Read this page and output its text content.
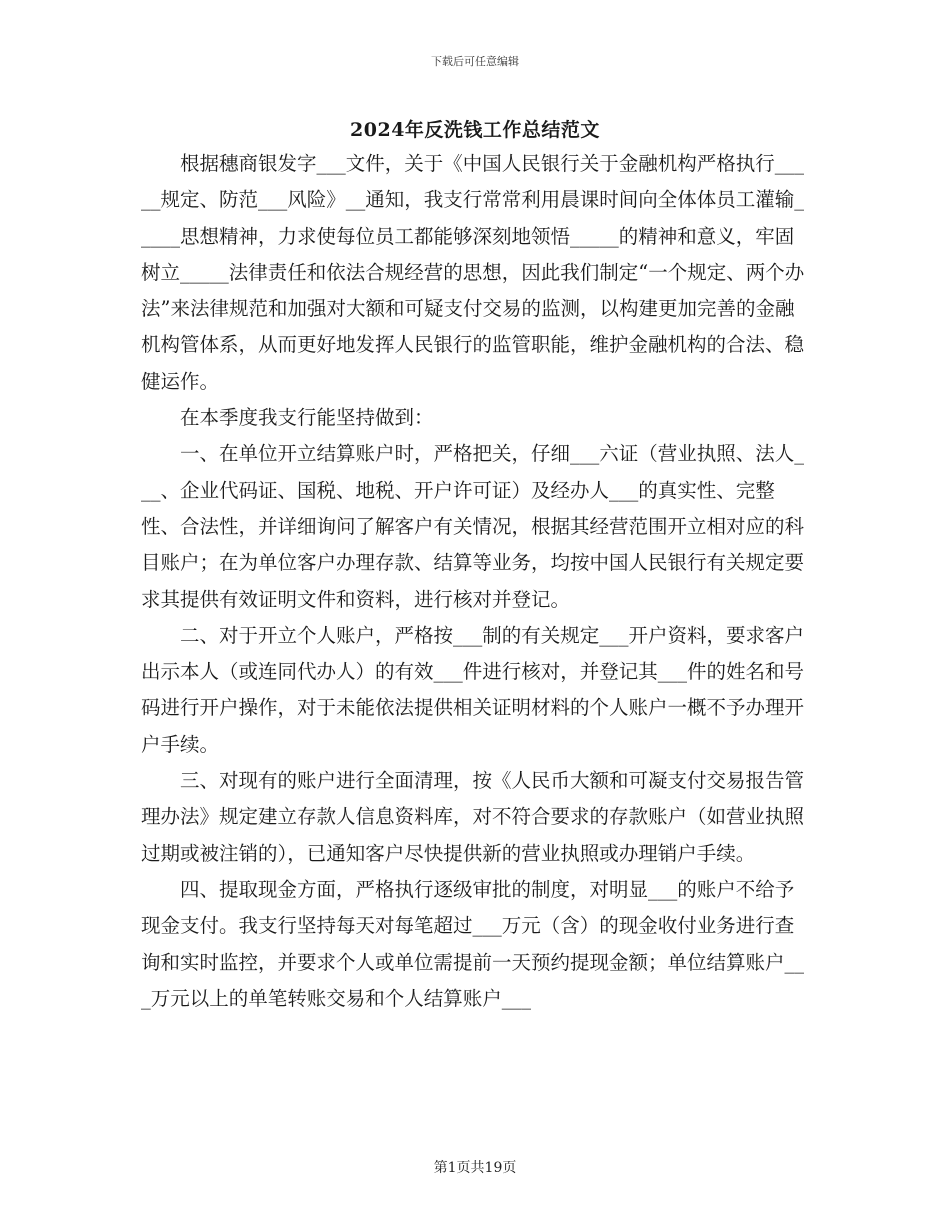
下载后可任意编辑
2024年反洗钱工作总结范文

根据穗商银发字___文件，关于《中国人民银行关于金融机构严格执行_____规定、防范___风险》__通知，我支行常常利用晨课时间向全体体员工灌输_____思想精神，力求使每位员工都能够深刻地领悟_____的精神和意义，牢固树立_____法律责任和依法合规经营的思想，因此我们制定“一个规定、两个办法”来法律规范和加强对大额和可疑支付交易的监测，以构建更加完善的金融机构管体系，从而更好地发挥人民银行的监管职能，维护金融机构的合法、稳健运作。

在本季度我支行能坚持做到：

一、在单位开立结算账户时，严格把关，仔细___六证（营业执照、法人___、企业代码证、国税、地税、开户许可证）及经办人___的真实性、完整性、合法性，并详细询问了解客户有关情况，根据其经营范围开立相对应的科目账户；在为单位客户办理存款、结算等业务，均按中国人民银行有关规定要求其提供有效证明文件和资料，进行核对并登记。

二、对于开立个人账户，严格按___制的有关规定___开户资料，要求客户出示本人（或连同代办人）的有效___件进行核对，并登记其___件的姓名和号码进行开户操作，对于未能依法提供相关证明材料的个人账户一概不予办理开户手续。

三、对现有的账户进行全面清理，按《人民币大额和可凝支付交易报告管理办法》规定建立存款人信息资料库，对不符合要求的存款账户（如营业执照过期或被注销的），已通知客户尽快提供新的营业执照或办理销户手续。

四、提取现金方面，严格执行逐级审批的制度，对明显___的账户不给予现金支付。我支行坚持每天对每笔超过___万元（含）的现金收付业务进行查询和实时监控，并要求个人或单位需提前一天预约提现金额；单位结算账户___万元以上的单笔转账交易和个人结算账户___

第1页共19页
